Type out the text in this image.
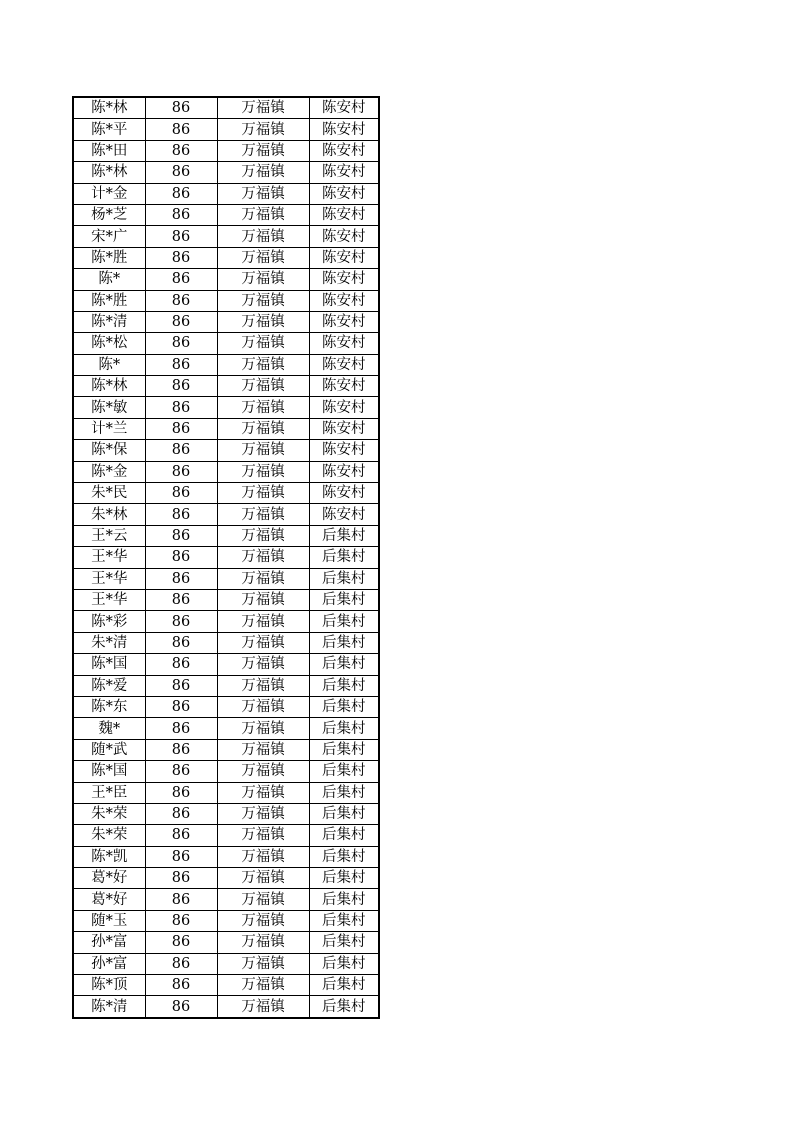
陈*林	86	万福镇	陈安村
陈*平	86	万福镇	陈安村
陈*田	86	万福镇	陈安村
陈*林	86	万福镇	陈安村
计*金	86	万福镇	陈安村
杨*芝	86	万福镇	陈安村
宋*广	86	万福镇	陈安村
陈*胜	86	万福镇	陈安村
陈*	86	万福镇	陈安村
陈*胜	86	万福镇	陈安村
陈*清	86	万福镇	陈安村
陈*松	86	万福镇	陈安村
陈*	86	万福镇	陈安村
陈*林	86	万福镇	陈安村
陈*敏	86	万福镇	陈安村
计*兰	86	万福镇	陈安村
陈*保	86	万福镇	陈安村
陈*金	86	万福镇	陈安村
朱*民	86	万福镇	陈安村
朱*林	86	万福镇	陈安村
王*云	86	万福镇	后集村
王*华	86	万福镇	后集村
王*华	86	万福镇	后集村
王*华	86	万福镇	后集村
陈*彩	86	万福镇	后集村
朱*清	86	万福镇	后集村
陈*国	86	万福镇	后集村
陈*爱	86	万福镇	后集村
陈*东	86	万福镇	后集村
魏*	86	万福镇	后集村
随*武	86	万福镇	后集村
陈*国	86	万福镇	后集村
王*臣	86	万福镇	后集村
朱*荣	86	万福镇	后集村
朱*荣	86	万福镇	后集村
陈*凯	86	万福镇	后集村
葛*好	86	万福镇	后集村
葛*好	86	万福镇	后集村
随*玉	86	万福镇	后集村
孙*富	86	万福镇	后集村
孙*富	86	万福镇	后集村
陈*顶	86	万福镇	后集村
陈*清	86	万福镇	后集村
